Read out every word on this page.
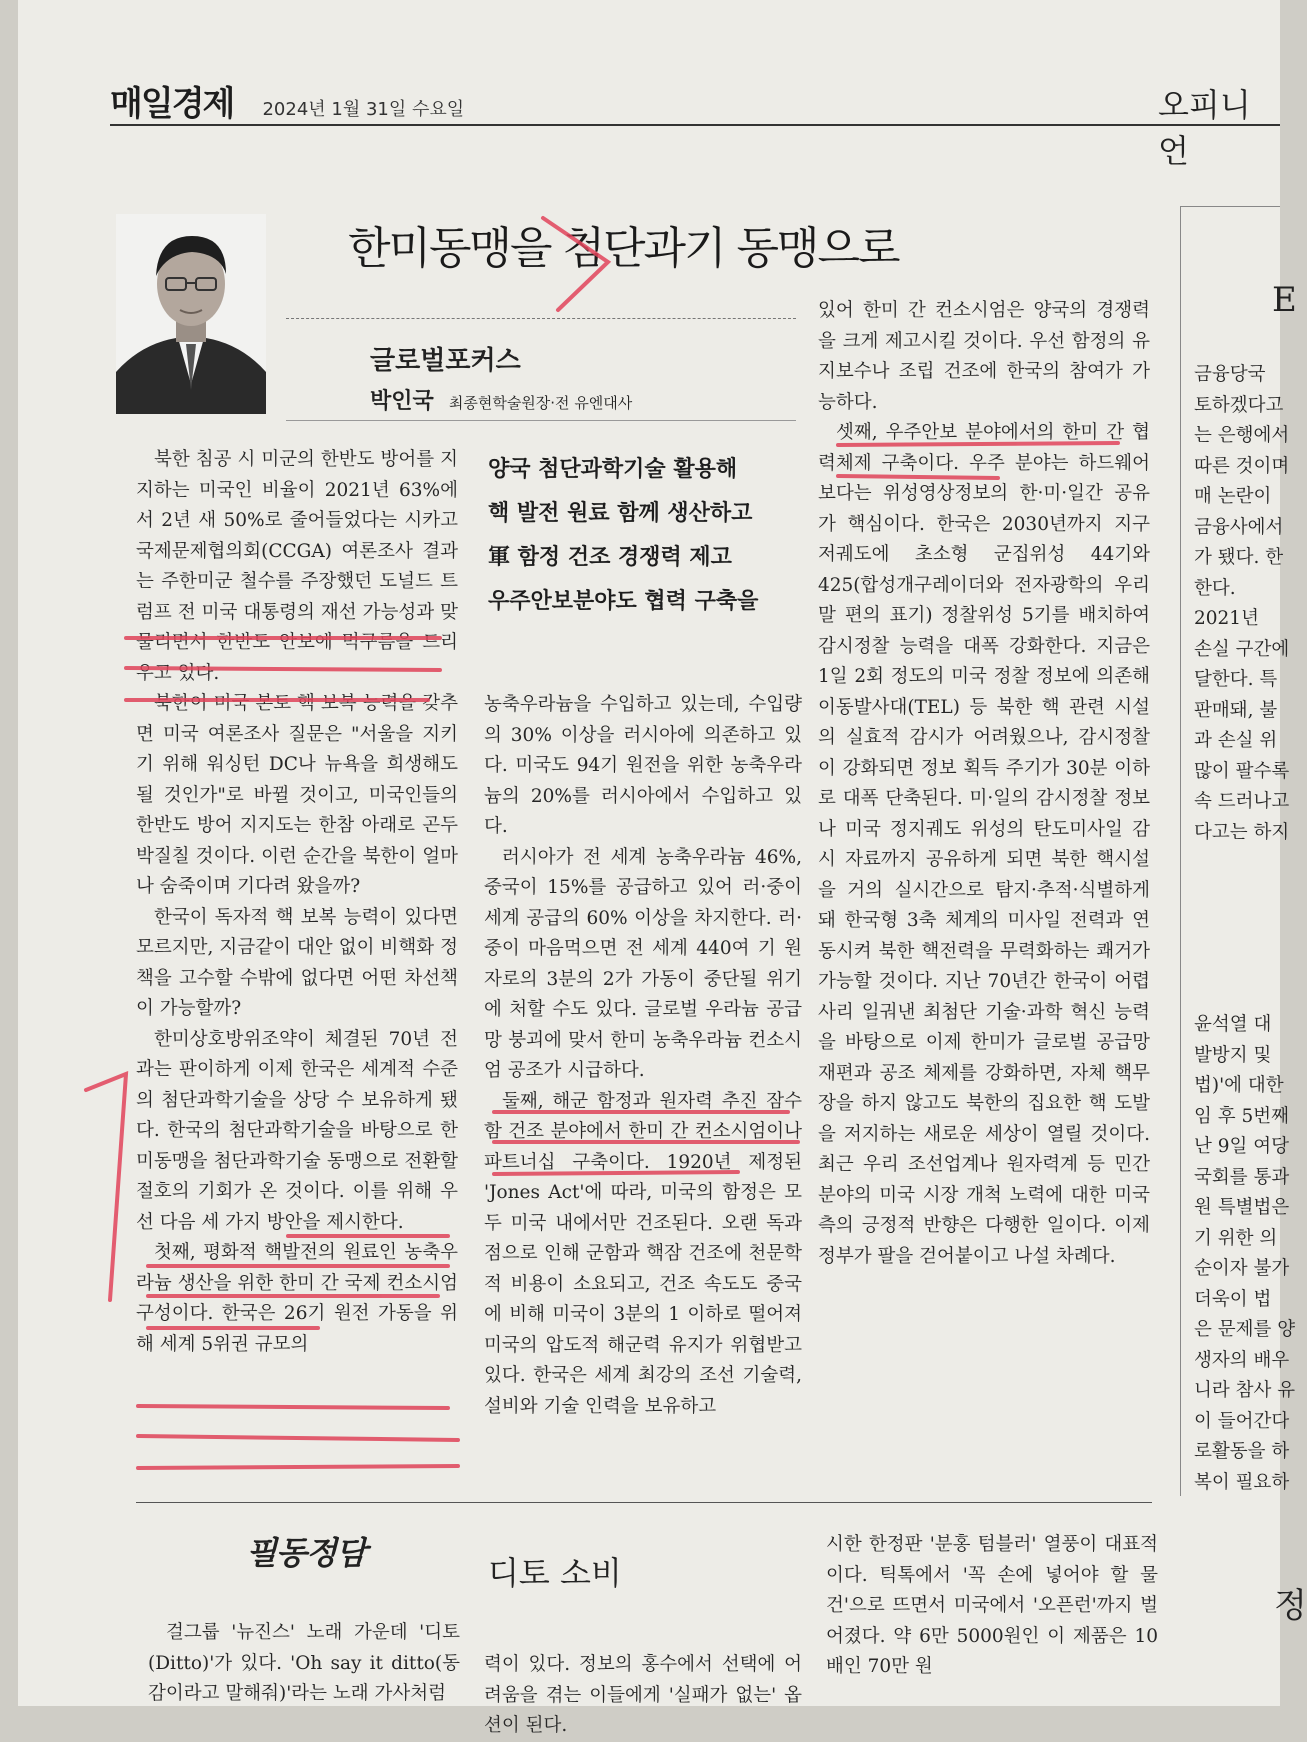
매일경제 2024년 1월 31일 수요일	오피니언
한미동맹을 첨단과기 동맹으로
글로벌포커스
박인국 최종현학술원장·전 유엔대사
양국 첨단과학기술 활용해
핵 발전 원료 함께 생산하고
軍 함정 건조 경쟁력 제고
우주안보분야도 협력 구축을

북한 침공 시 미군의 한반도 방어를 지지하는 미국인 비율이 2021년 63%에서 2년 새 50%로 줄어들었다는 시카고 국제문제협의회(CCGA) 여론조사 결과는 주한미군 철수를 주장했던 도널드 트럼프 전 미국 대통령의 재선 가능성과 맞물리면서 한반도 안보에 먹구름을 드리우고 있다.

북한이 미국 본토 핵 보복 능력을 갖추면 미국 여론조사 질문은 "서울을 지키기 위해 워싱턴 DC나 뉴욕을 희생해도 될 것인가"로 바뀔 것이고, 미국인들의 한반도 방어 지지도는 한참 아래로 곤두박질칠 것이다. 이런 순간을 북한이 얼마나 숨죽이며 기다려 왔을까?

한국이 독자적 핵 보복 능력이 있다면 모르지만, 지금같이 대안 없이 비핵화 정책을 고수할 수밖에 없다면 어떤 차선책이 가능할까?

한미상호방위조약이 체결된 70년 전과는 판이하게 이제 한국은 세계적 수준의 첨단과학기술을 상당 수 보유하게 됐다. 한국의 첨단과학기술을 바탕으로 한미동맹을 첨단과학기술 동맹으로 전환할 절호의 기회가 온 것이다. 이를 위해 우선 다음 세 가지 방안을 제시한다.

첫째, 평화적 핵발전의 원료인 농축우라늄 생산을 위한 한미 간 국제 컨소시엄 구성이다. 한국은 26기 원전 가동을 위해 세계 5위권 규모의

농축우라늄을 수입하고 있는데, 수입량의 30% 이상을 러시아에 의존하고 있다. 미국도 94기 원전을 위한 농축우라늄의 20%를 러시아에서 수입하고 있다.

러시아가 전 세계 농축우라늄 46%, 중국이 15%를 공급하고 있어 러·중이 세계 공급의 60% 이상을 차지한다. 러·중이 마음먹으면 전 세계 440여 기 원자로의 3분의 2가 가동이 중단될 위기에 처할 수도 있다. 글로벌 우라늄 공급망 붕괴에 맞서 한미 농축우라늄 컨소시엄 공조가 시급하다.

둘째, 해군 함정과 원자력 추진 잠수함 건조 분야에서 한미 간 컨소시엄이나 파트너십 구축이다. 1920년 제정된 'Jones Act'에 따라, 미국의 함정은 모두 미국 내에서만 건조된다. 오랜 독과점으로 인해 군함과 핵잠 건조에 천문학적 비용이 소요되고, 건조 속도도 중국에 비해 미국이 3분의 1 이하로 떨어져 미국의 압도적 해군력 유지가 위협받고 있다. 한국은 세계 최강의 조선 기술력, 설비와 기술 인력을 보유하고

있어 한미 간 컨소시엄은 양국의 경쟁력을 크게 제고시킬 것이다. 우선 함정의 유지보수나 조립 건조에 한국의 참여가 가능하다.

셋째, 우주안보 분야에서의 한미 간 협력체제 구축이다. 우주 분야는 하드웨어보다는 위성영상정보의 한·미·일간 공유가 핵심이다. 한국은 2030년까지 지구 저궤도에 초소형 군집위성 44기와 425(합성개구레이더와 전자광학의 우리말 편의 표기) 정찰위성 5기를 배치하여 감시정찰 능력을 대폭 강화한다. 지금은 1일 2회 정도의 미국 정찰 정보에 의존해 이동발사대(TEL) 등 북한 핵 관련 시설의 실효적 감시가 어려웠으나, 감시정찰이 강화되면 정보 획득 주기가 30분 이하로 대폭 단축된다. 미·일의 감시정찰 정보나 미국 정지궤도 위성의 탄도미사일 감시 자료까지 공유하게 되면 북한 핵시설을 거의 실시간으로 탐지·추적·식별하게 돼 한국형 3축 체계의 미사일 전력과 연동시켜 북한 핵전력을 무력화하는 쾌거가 가능할 것이다. 지난 70년간 한국이 어렵사리 일궈낸 최첨단 기술·과학 혁신 능력을 바탕으로 이제 한미가 글로벌 공급망 재편과 공조 체제를 강화하면, 자체 핵무장을 하지 않고도 북한의 집요한 핵 도발을 저지하는 새로운 세상이 열릴 것이다. 최근 우리 조선업계나 원자력계 등 민간 분야의 미국 시장 개척 노력에 대한 미국 측의 긍정적 반향은 다행한 일이다. 이제 정부가 팔을 걷어붙이고 나설 차례다.

E
금융당국
토하겠다고
는 은행에서
따른 것이며
매 논란이
금융사에서
가 됐다. 한
한다.
2021년
손실 구간에
달한다. 특
판매돼, 불
과 손실 위
많이 팔수록
속 드러나고
다고는 하지
윤석열 대
발방지 및
법)'에 대한
임 후 5번째
난 9일 여당
국회를 통과
원 특별법은
기 위한 의
순이자 불가
더욱이 법
은 문제를 양
생자의 배우
니라 참사 유
이 들어간다
로활동을 하
복이 필요하
정
필동정담
디토 소비

걸그룹 '뉴진스' 노래 가운데 '디토(Ditto)'가 있다. 'Oh say it ditto(동감이라고 말해줘)'라는 노래 가사처럼

력이 있다. 정보의 홍수에서 선택에 어려움을 겪는 이들에게 '실패가 없는' 옵션이 된다.

시한 한정판 '분홍 텀블러' 열풍이 대표적이다. 틱톡에서 '꼭 손에 넣어야 할 물건'으로 뜨면서 미국에서 '오픈런'까지 벌어졌다. 약 6만 5000원인 이 제품은 10배인 70만 원
